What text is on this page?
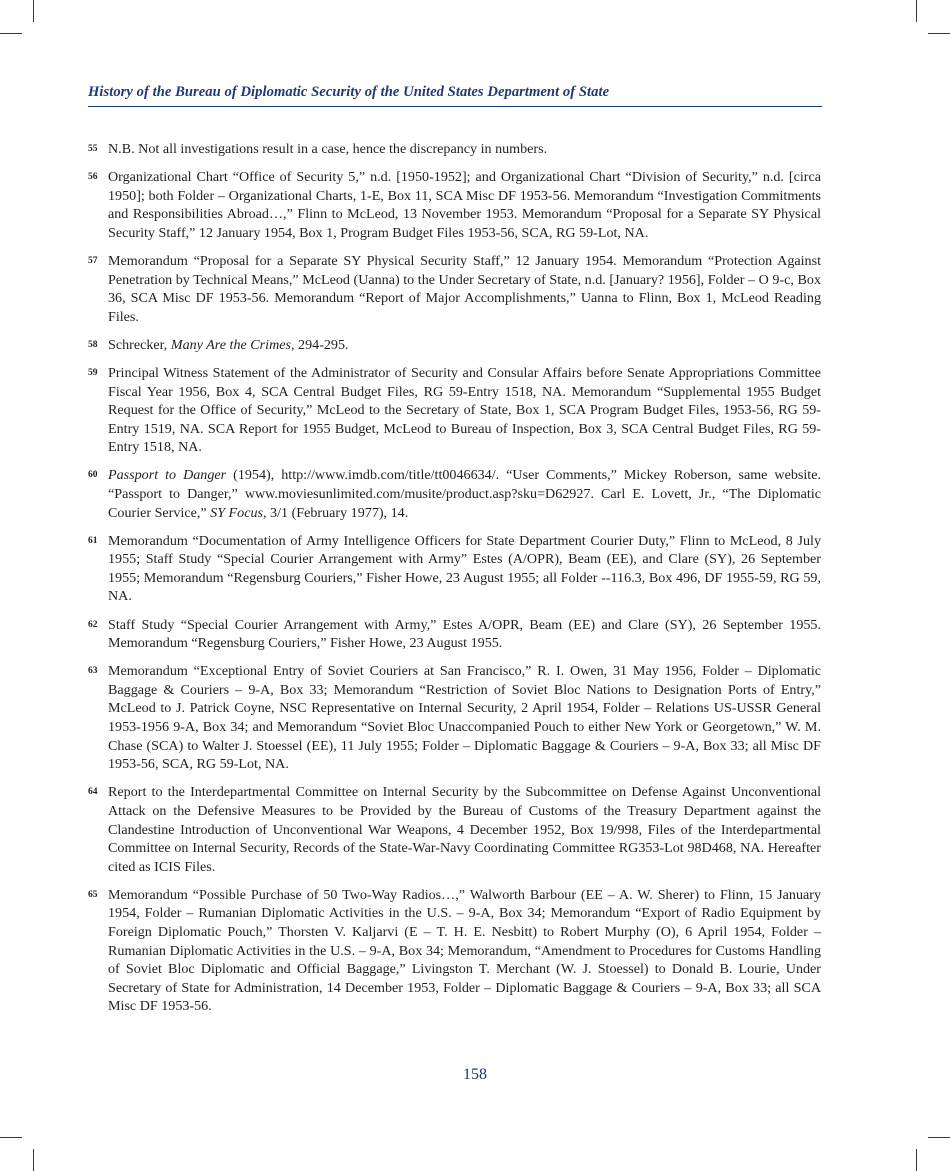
History of the Bureau of Diplomatic Security of the United States Department of State
55 N.B. Not all investigations result in a case, hence the discrepancy in numbers.
56 Organizational Chart “Office of Security 5,” n.d. [1950-1952]; and Organizational Chart “Division of Security,” n.d. [circa 1950]; both Folder – Organizational Charts, 1-E, Box 11, SCA Misc DF 1953-56. Memorandum “Investigation Commitments and Responsibilities Abroad…,” Flinn to McLeod, 13 November 1953. Memorandum “Proposal for a Separate SY Physical Security Staff,” 12 January 1954, Box 1, Program Budget Files 1953-56, SCA, RG 59-Lot, NA.
57 Memorandum “Proposal for a Separate SY Physical Security Staff,” 12 January 1954. Memorandum “Protection Against Penetration by Technical Means,” McLeod (Uanna) to the Under Secretary of State, n.d. [January? 1956], Folder – O 9-c, Box 36, SCA Misc DF 1953-56. Memorandum “Report of Major Accomplishments,” Uanna to Flinn, Box 1, McLeod Reading Files.
58 Schrecker, Many Are the Crimes, 294-295.
59 Principal Witness Statement of the Administrator of Security and Consular Affairs before Senate Appropriations Committee Fiscal Year 1956, Box 4, SCA Central Budget Files, RG 59-Entry 1518, NA. Memorandum “Supplemental 1955 Budget Request for the Office of Security,” McLeod to the Secretary of State, Box 1, SCA Program Budget Files, 1953-56, RG 59-Entry 1519, NA. SCA Report for 1955 Budget, McLeod to Bureau of Inspection, Box 3, SCA Central Budget Files, RG 59-Entry 1518, NA.
60 Passport to Danger (1954), http://www.imdb.com/title/tt0046634/. “User Comments,” Mickey Roberson, same website. “Passport to Danger,” www.moviesunlimited.com/musite/product.asp?sku=D62927. Carl E. Lovett, Jr., “The Diplomatic Courier Service,” SY Focus, 3/1 (February 1977), 14.
61 Memorandum “Documentation of Army Intelligence Officers for State Department Courier Duty,” Flinn to McLeod, 8 July 1955; Staff Study “Special Courier Arrangement with Army” Estes (A/OPR), Beam (EE), and Clare (SY), 26 September 1955; Memorandum “Regensburg Couriers,” Fisher Howe, 23 August 1955; all Folder --116.3, Box 496, DF 1955-59, RG 59, NA.
62 Staff Study “Special Courier Arrangement with Army,” Estes A/OPR, Beam (EE) and Clare (SY), 26 September 1955. Memorandum “Regensburg Couriers,” Fisher Howe, 23 August 1955.
63 Memorandum “Exceptional Entry of Soviet Couriers at San Francisco,” R. I. Owen, 31 May 1956, Folder – Diplomatic Baggage & Couriers – 9-A, Box 33; Memorandum “Restriction of Soviet Bloc Nations to Designation Ports of Entry,” McLeod to J. Patrick Coyne, NSC Representative on Internal Security, 2 April 1954, Folder – Relations US-USSR General 1953-1956 9-A, Box 34; and Memorandum “Soviet Bloc Unaccompanied Pouch to either New York or Georgetown,” W. M. Chase (SCA) to Walter J. Stoessel (EE), 11 July 1955; Folder – Diplomatic Baggage & Couriers – 9-A, Box 33; all Misc DF 1953-56, SCA, RG 59-Lot, NA.
64 Report to the Interdepartmental Committee on Internal Security by the Subcommittee on Defense Against Unconventional Attack on the Defensive Measures to be Provided by the Bureau of Customs of the Treasury Department against the Clandestine Introduction of Unconventional War Weapons, 4 December 1952, Box 19/998, Files of the Interdepartmental Committee on Internal Security, Records of the State-War-Navy Coordinating Committee RG353-Lot 98D468, NA. Hereafter cited as ICIS Files.
65 Memorandum “Possible Purchase of 50 Two-Way Radios…,” Walworth Barbour (EE – A. W. Sherer) to Flinn, 15 January 1954, Folder – Rumanian Diplomatic Activities in the U.S. – 9-A, Box 34; Memorandum “Export of Radio Equipment by Foreign Diplomatic Pouch,” Thorsten V. Kaljarvi (E – T. H. E. Nesbitt) to Robert Murphy (O), 6 April 1954, Folder – Rumanian Diplomatic Activities in the U.S. – 9-A, Box 34; Memorandum, “Amendment to Procedures for Customs Handling of Soviet Bloc Diplomatic and Official Baggage,” Livingston T. Merchant (W. J. Stoessel) to Donald B. Lourie, Under Secretary of State for Administration, 14 December 1953, Folder – Diplomatic Baggage & Couriers – 9-A, Box 33; all SCA Misc DF 1953-56.
158
